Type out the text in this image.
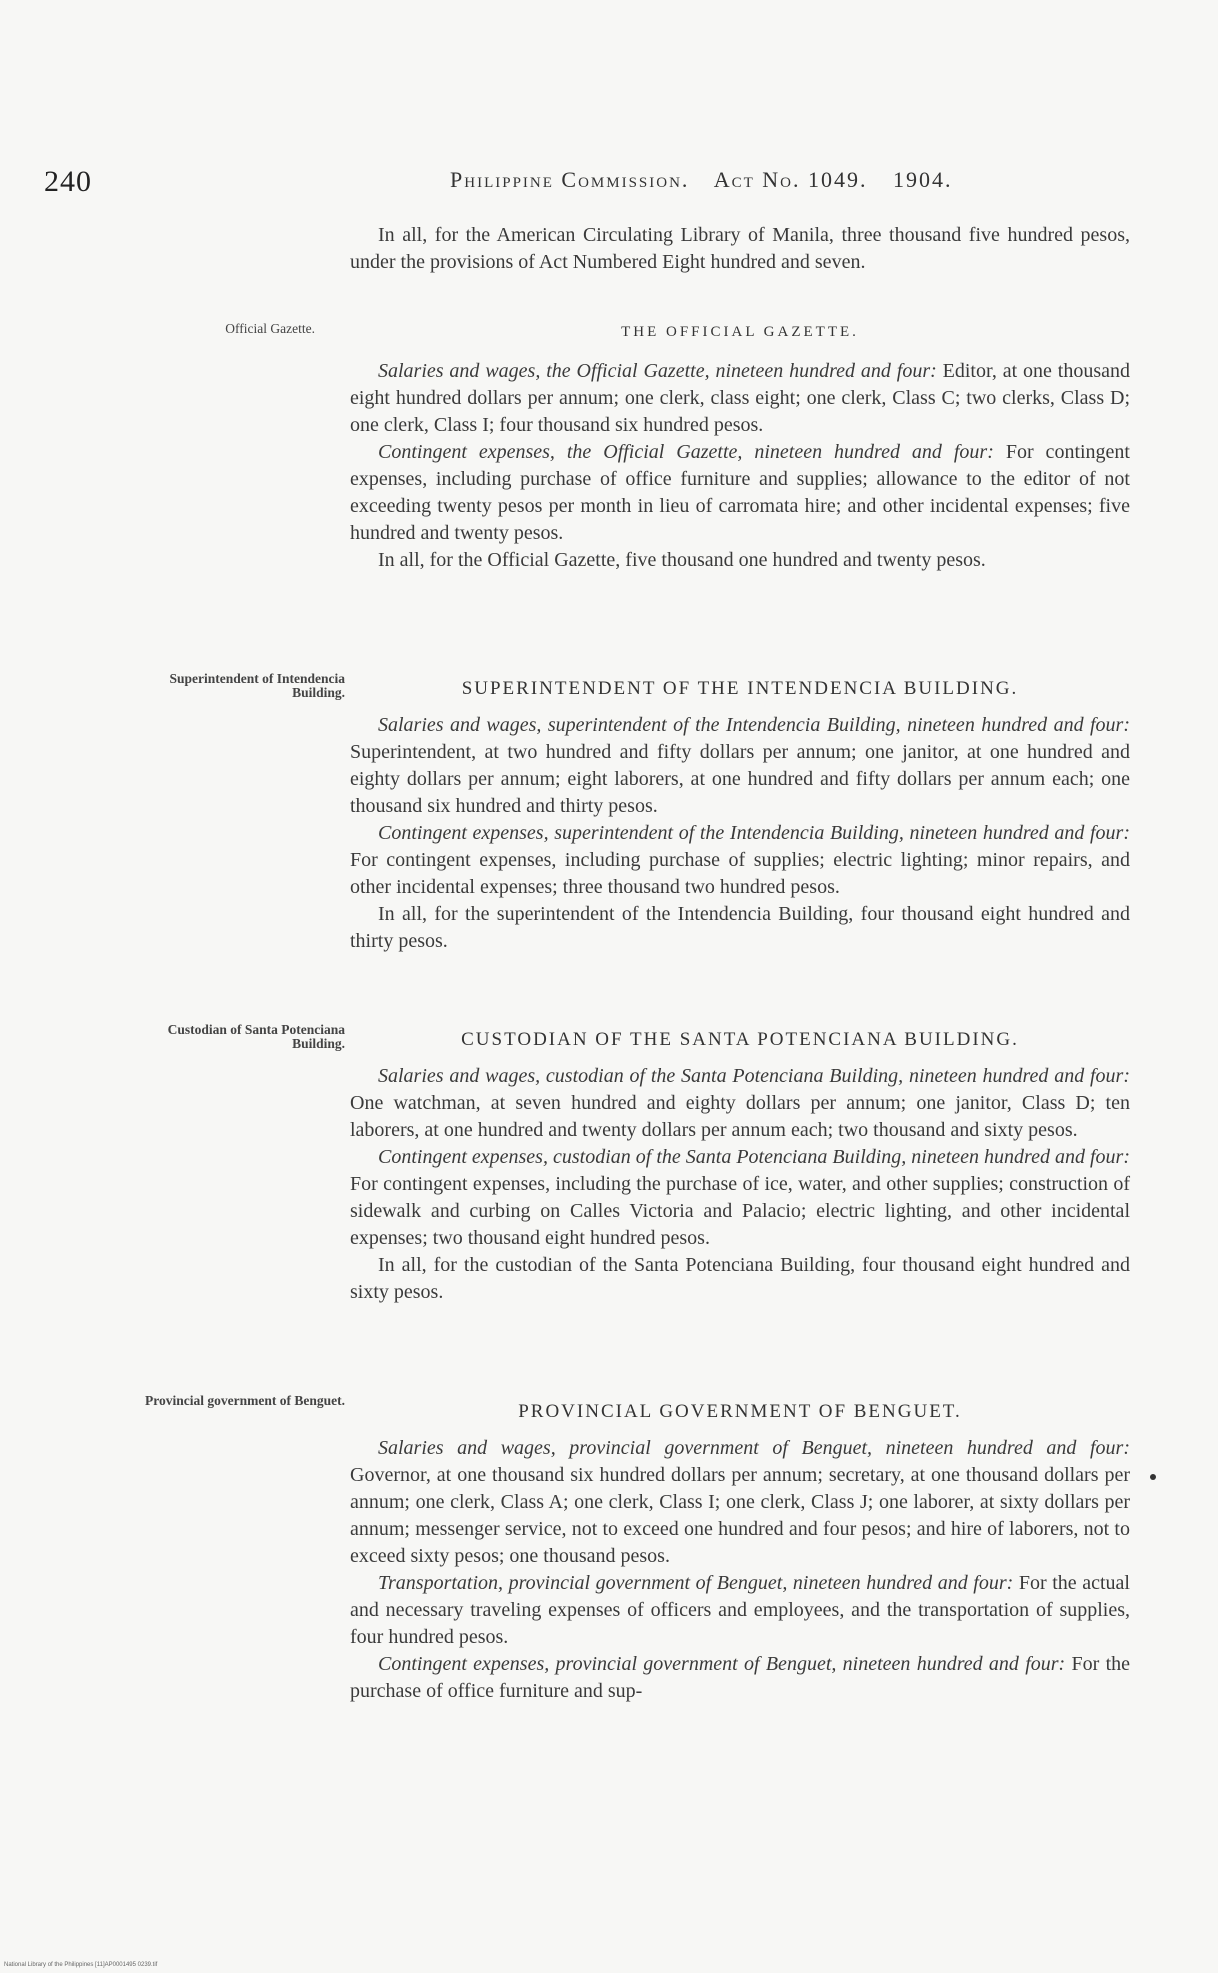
240	Philippine Commission. Act No. 1049. 1904.

In all, for the American Circulating Library of Manila, three thousand five hundred pesos, under the provisions of Act Numbered Eight hundred and seven.

Official Gazette.	THE OFFICIAL GAZETTE.

Salaries and wages, the Official Gazette, nineteen hundred and four: Editor, at one thousand eight hundred dollars per annum; one clerk, class eight; one clerk, Class C; two clerks, Class D; one clerk, Class I; four thousand six hundred pesos.

Contingent expenses, the Official Gazette, nineteen hundred and four: For contingent expenses, including purchase of office furniture and supplies; allowance to the editor of not exceeding twenty pesos per month in lieu of carromata hire; and other incidental expenses; five hundred and twenty pesos.

In all, for the Official Gazette, five thousand one hundred and twenty pesos.

Superintendent of Intendencia Building.	SUPERINTENDENT OF THE INTENDENCIA BUILDING.

Salaries and wages, superintendent of the Intendencia Building, nineteen hundred and four: Superintendent, at two hundred and fifty dollars per annum; one janitor, at one hundred and eighty dollars per annum; eight laborers, at one hundred and fifty dollars per annum each; one thousand six hundred and thirty pesos.

Contingent expenses, superintendent of the Intendencia Building, nineteen hundred and four: For contingent expenses, including purchase of supplies; electric lighting; minor repairs, and other incidental expenses; three thousand two hundred pesos.

In all, for the superintendent of the Intendencia Building, four thousand eight hundred and thirty pesos.

Custodian of Santa Potenciana Building.	CUSTODIAN OF THE SANTA POTENCIANA BUILDING.

Salaries and wages, custodian of the Santa Potenciana Building, nineteen hundred and four: One watchman, at seven hundred and eighty dollars per annum; one janitor, Class D; ten laborers, at one hundred and twenty dollars per annum each; two thousand and sixty pesos.

Contingent expenses, custodian of the Santa Potenciana Building, nineteen hundred and four: For contingent expenses, including the purchase of ice, water, and other supplies; construction of sidewalk and curbing on Calles Victoria and Palacio; electric lighting, and other incidental expenses; two thousand eight hundred pesos.

In all, for the custodian of the Santa Potenciana Building, four thousand eight hundred and sixty pesos.

Provincial government of Benguet.
PROVINCIAL GOVERNMENT OF BENGUET.

Salaries and wages, provincial government of Benguet, nineteen hundred and four: Governor, at one thousand six hundred dollars per annum; secretary, at one thousand dollars per annum; one clerk, Class A; one clerk, Class I; one clerk, Class J; one laborer, at sixty dollars per annum; messenger service, not to exceed one hundred and four pesos; and hire of laborers, not to exceed sixty pesos; one thousand pesos.

Transportation, provincial government of Benguet, nineteen hundred and four: For the actual and necessary traveling expenses of officers and employees, and the transportation of supplies, four hundred pesos.

Contingent expenses, provincial government of Benguet, nineteen hundred and four: For the purchase of office furniture and sup-

National Library of the Philippines [11]AP0001495 0239.tif
